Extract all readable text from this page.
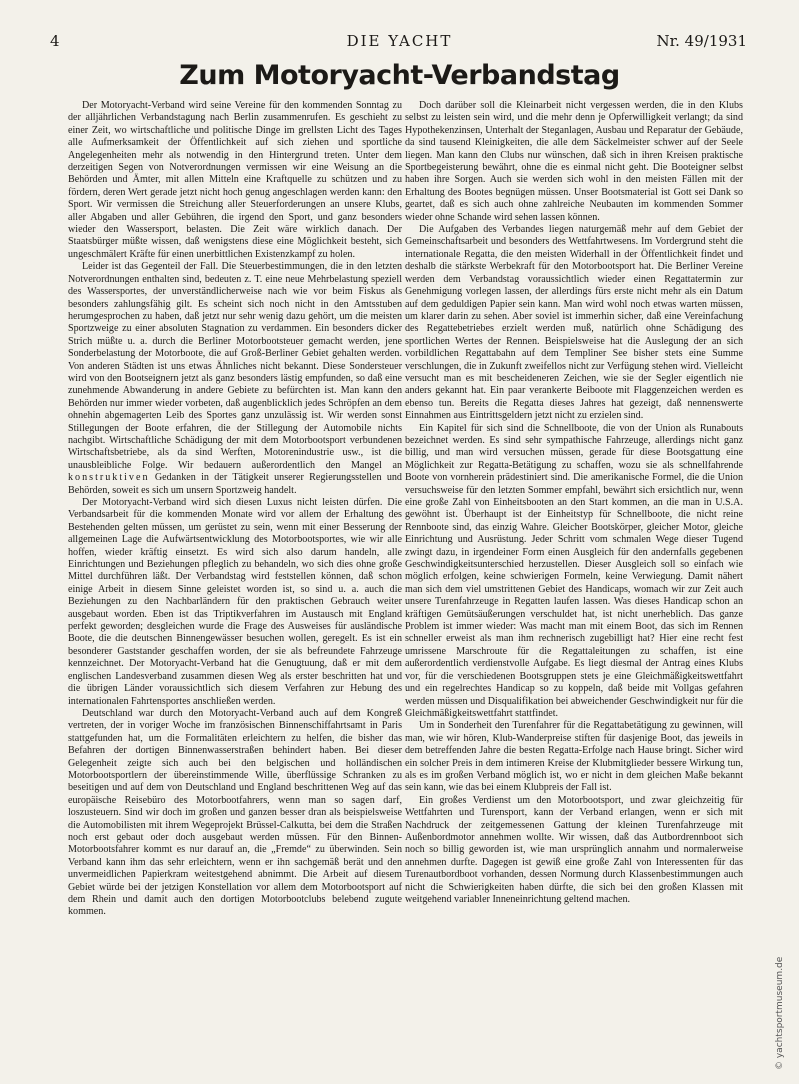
4	DIE YACHT	Nr. 49/1931
Zum Motoryacht-Verbandstag

Der Motoryacht-Verband wird seine Vereine für den kommenden Sonntag zu der alljährlichen Verbandstagung nach Berlin zusammenrufen. Es geschieht zu einer Zeit, wo wirtschaftliche und politische Dinge im grellsten Licht des Tages alle Aufmerksamkeit der Öffentlichkeit auf sich ziehen und sportliche Angelegenheiten mehr als notwendig in den Hintergrund treten. Unter dem derzeitigen Segen von Notverordnungen vermissen wir eine Weisung an die Behörden und Ämter, mit allen Mitteln eine Kraftquelle zu schützen und zu fördern, deren Wert gerade jetzt nicht hoch genug angeschlagen werden kann: den Sport. Wir vermissen die Streichung aller Steuerforderungen an unsere Klubs, aller Abgaben und aller Gebühren, die irgend den Sport, und ganz besonders wieder den Wassersport, belasten. Die Zeit wäre wirklich danach. Der Staatsbürger müßte wissen, daß wenigstens diese eine Möglichkeit besteht, sich ungeschmälert Kräfte für einen unerbittlichen Existenzkampf zu holen.

Leider ist das Gegenteil der Fall. Die Steuerbestimmungen, die in den letzten Notverordnungen enthalten sind, bedeuten z. T. eine neue Mehrbelastung speziell des Wassersportes, der unverständlicherweise nach wie vor beim Fiskus als besonders zahlungsfähig gilt. Es scheint sich noch nicht in den Amtsstuben herumgesprochen zu haben, daß jetzt nur sehr wenig dazu gehört, um die meisten Sportzweige zu einer absoluten Stagnation zu verdammen. Ein besonders dicker Strich müßte u. a. durch die Berliner Motorbootsteuer gemacht werden, jene Sonderbelastung der Motorboote, die auf Groß-Berliner Gebiet gehalten werden. Von anderen Städten ist uns etwas Ähnliches nicht bekannt. Diese Sondersteuer wird von den Bootseignern jetzt als ganz besonders lästig empfunden, so daß eine zunehmende Abwanderung in andere Gebiete zu befürchten ist. Man kann den Behörden nur immer wieder vorbeten, daß augenblicklich jedes Schröpfen an dem ohnehin abgemagerten Leib des Sportes ganz unzulässig ist. Wir werden sonst Stillegungen der Boote erfahren, die der Stillegung der Automobile nichts nachgibt. Wirtschaftliche Schädigung der mit dem Motorbootsport verbundenen Wirtschaftsbetriebe, als da sind Werften, Motorenindustrie usw., ist die unausbleibliche Folge. Wir bedauern außerordentlich den Mangel an konstruktiven Gedanken in der Tätigkeit unserer Regierungsstellen und Behörden, soweit es sich um unsern Sportzweig handelt.

Der Motoryacht-Verband wird sich diesen Luxus nicht leisten dürfen. Die Verbandsarbeit für die kommenden Monate wird vor allem der Erhaltung des Bestehenden gelten müssen, um gerüstet zu sein, wenn mit einer Besserung der allgemeinen Lage die Aufwärtsentwicklung des Motorbootsportes, wie wir alle hoffen, wieder kräftig einsetzt. Es wird sich also darum handeln, alle Einrichtungen und Beziehungen pfleglich zu behandeln, wo sich dies ohne große Mittel durchführen läßt. Der Verbandstag wird feststellen können, daß schon einige Arbeit in diesem Sinne geleistet worden ist, so sind u. a. auch die Beziehungen zu den Nachbarländern für den praktischen Gebrauch weiter ausgebaut worden. Eben ist das Triptikverfahren im Austausch mit England perfekt geworden; desgleichen wurde die Frage des Ausweises für ausländische Boote, die die deutschen Binnengewässer besuchen wollen, geregelt. Es ist ein besonderer Gaststander geschaffen worden, der sie als befreundete Fahrzeuge kennzeichnet. Der Motoryacht-Verband hat die Genugtuung, daß er mit dem englischen Landesverband zusammen diesen Weg als erster beschritten hat und die übrigen Länder voraussichtlich sich diesem Verfahren zur Hebung des internationalen Fahrtensportes anschließen werden.

Deutschland war durch den Motoryacht-Verband auch auf dem Kongreß vertreten, der in voriger Woche im französischen Binnenschiffahrtsamt in Paris stattgefunden hat, um die Formalitäten erleichtern zu helfen, die bisher das Befahren der dortigen Binnenwasserstraßen behindert haben. Bei dieser Gelegenheit zeigte sich auch bei den belgischen und holländischen Motorbootsportlern der übereinstimmende Wille, überflüssige Schranken zu beseitigen und auf dem von Deutschland und England beschrittenen Weg auf das europäische Reisebüro des Motorbootfahrers, wenn man so sagen darf, loszusteuern. Sind wir doch im großen und ganzen besser dran als beispielsweise die Automobilisten mit ihrem Wegeprojekt Brüssel-Calkutta, bei dem die Straßen noch erst gebaut oder doch ausgebaut werden müssen. Für den Binnen-Motorbootsfahrer kommt es nur darauf an, die „Fremde“ zu überwinden. Sein Verband kann ihm das sehr erleichtern, wenn er ihn sachgemäß berät und den unvermeidlichen Papierkram weitestgehend abnimmt. Die Arbeit auf diesem Gebiet würde bei der jetzigen Konstellation vor allem dem Motorbootsport auf dem Rhein und damit auch den dortigen Motorbootclubs belebend zugute kommen.

Doch darüber soll die Kleinarbeit nicht vergessen werden, die in den Klubs selbst zu leisten sein wird, und die mehr denn je Opferwilligkeit verlangt; da sind Hypothekenzinsen, Unterhalt der Steganlagen, Ausbau und Reparatur der Gebäude, da sind tausend Kleinigkeiten, die alle dem Säckelmeister schwer auf der Seele liegen. Man kann den Clubs nur wünschen, daß sich in ihren Kreisen praktische Sportbegeisterung bewährt, ohne die es einmal nicht geht. Die Booteigner selbst haben ihre Sorgen. Auch sie werden sich wohl in den meisten Fällen mit der Erhaltung des Bootes begnügen müssen. Unser Bootsmaterial ist Gott sei Dank so geartet, daß es sich auch ohne zahlreiche Neubauten im kommenden Sommer wieder ohne Schande wird sehen lassen können.

Die Aufgaben des Verbandes liegen naturgemäß mehr auf dem Gebiet der Gemeinschaftsarbeit und besonders des Wettfahrtwesens. Im Vordergrund steht die internationale Regatta, die den meisten Widerhall in der Öffentlichkeit findet und deshalb die stärkste Werbekraft für den Motorbootsport hat. Die Berliner Vereine werden dem Verbandstag voraussichtlich wieder einen Regattatermin zur Genehmigung vorlegen lassen, der allerdings fürs erste nicht mehr als ein Datum auf dem geduldigen Papier sein kann. Man wird wohl noch etwas warten müssen, um klarer darin zu sehen. Aber soviel ist immerhin sicher, daß eine Vereinfachung des Regattebetriebes erzielt werden muß, natürlich ohne Schädigung des sportlichen Wertes der Rennen. Beispielsweise hat die Auslegung der an sich vorbildlichen Regattabahn auf dem Templiner See bisher stets eine Summe verschlungen, die in Zukunft zweifellos nicht zur Verfügung stehen wird. Vielleicht versucht man es mit bescheideneren Zeichen, wie sie der Segler eigentlich nie anders gekannt hat. Ein paar verankerte Beiboote mit Flaggenzeichen werden es ebenso tun. Bereits die Regatta dieses Jahres hat gezeigt, daß nennenswerte Einnahmen aus Eintrittsgeldern jetzt nicht zu erzielen sind.

Ein Kapitel für sich sind die Schnellboote, die von der Union als Runabouts bezeichnet werden. Es sind sehr sympathische Fahrzeuge, allerdings nicht ganz billig, und man wird versuchen müssen, gerade für diese Bootsgattung eine Möglichkeit zur Regatta-Betätigung zu schaffen, wozu sie als schnellfahrende Boote von vornherein prädestiniert sind. Die amerikanische Formel, die die Union versuchsweise für den letzten Sommer empfahl, bewährt sich ersichtlich nur, wenn eine große Zahl von Einheitsbooten an den Start kommen, an die man in U.S.A. gewöhnt ist. Überhaupt ist der Einheitstyp für Schnellboote, die nicht reine Rennboote sind, das einzig Wahre. Gleicher Bootskörper, gleicher Motor, gleiche Einrichtung und Ausrüstung. Jeder Schritt vom schmalen Wege dieser Tugend zwingt dazu, in irgendeiner Form einen Ausgleich für den andernfalls gegebenen Geschwindigkeitsunterschied herzustellen. Dieser Ausgleich soll so einfach wie möglich erfolgen, keine schwierigen Formeln, keine Verwiegung. Damit nähert man sich dem viel umstrittenen Gebiet des Handicaps, womach wir zur Zeit auch unsere Turenfahrzeuge in Regatten laufen lassen. Was dieses Handicap schon an kräftigen Gemütsäußerungen verschuldet hat, ist nicht unerheblich. Das ganze Problem ist immer wieder: Was macht man mit einem Boot, das sich im Rennen schneller erweist als man ihm rechnerisch zugebilligt hat? Hier eine recht fest umrissene Marschroute für die Regattaleitungen zu schaffen, ist eine außerordentlich verdienstvolle Aufgabe. Es liegt diesmal der Antrag eines Klubs vor, für die verschiedenen Bootsgruppen stets je eine Gleichmäßigkeitswettfahrt und ein regelrechtes Handicap so zu koppeln, daß beide mit Vollgas gefahren werden müssen und Disqualifikation bei abweichender Geschwindigkeit nur für die Gleichmäßigkeitswettfahrt stattfindet.

Um in Sonderheit den Turenfahrer für die Regattabetätigung zu gewinnen, will man, wie wir hören, Klub-Wanderpreise stiften für dasjenige Boot, das jeweils in dem betreffenden Jahre die besten Regatta-Erfolge nach Hause bringt. Sicher wird ein solcher Preis in dem intimeren Kreise der Klubmitglieder bessere Wirkung tun, als es im großen Verband möglich ist, wo er nicht in dem gleichen Maße bekannt sein kann, wie das bei einem Klubpreis der Fall ist.

Ein großes Verdienst um den Motorbootsport, und zwar gleichzeitig für Wettfahrten und Turensport, kann der Verband erlangen, wenn er sich mit Nachdruck der zeitgemessenen Gattung der kleinen Turenfahrzeuge mit Außenbordmotor annehmen wollte. Wir wissen, daß das Autbordrennboot sich noch so billig geworden ist, wie man ursprünglich annahm und normalerweise annehmen durfte. Dagegen ist gewiß eine große Zahl von Interessenten für das Turenautbordboot vorhanden, dessen Normung durch Klassenbestimmungen auch nicht die Schwierigkeiten haben dürfte, die sich bei den großen Klassen mit weitgehend variabler Inneneinrichtung geltend machen.

© yachtsportmuseum.de
